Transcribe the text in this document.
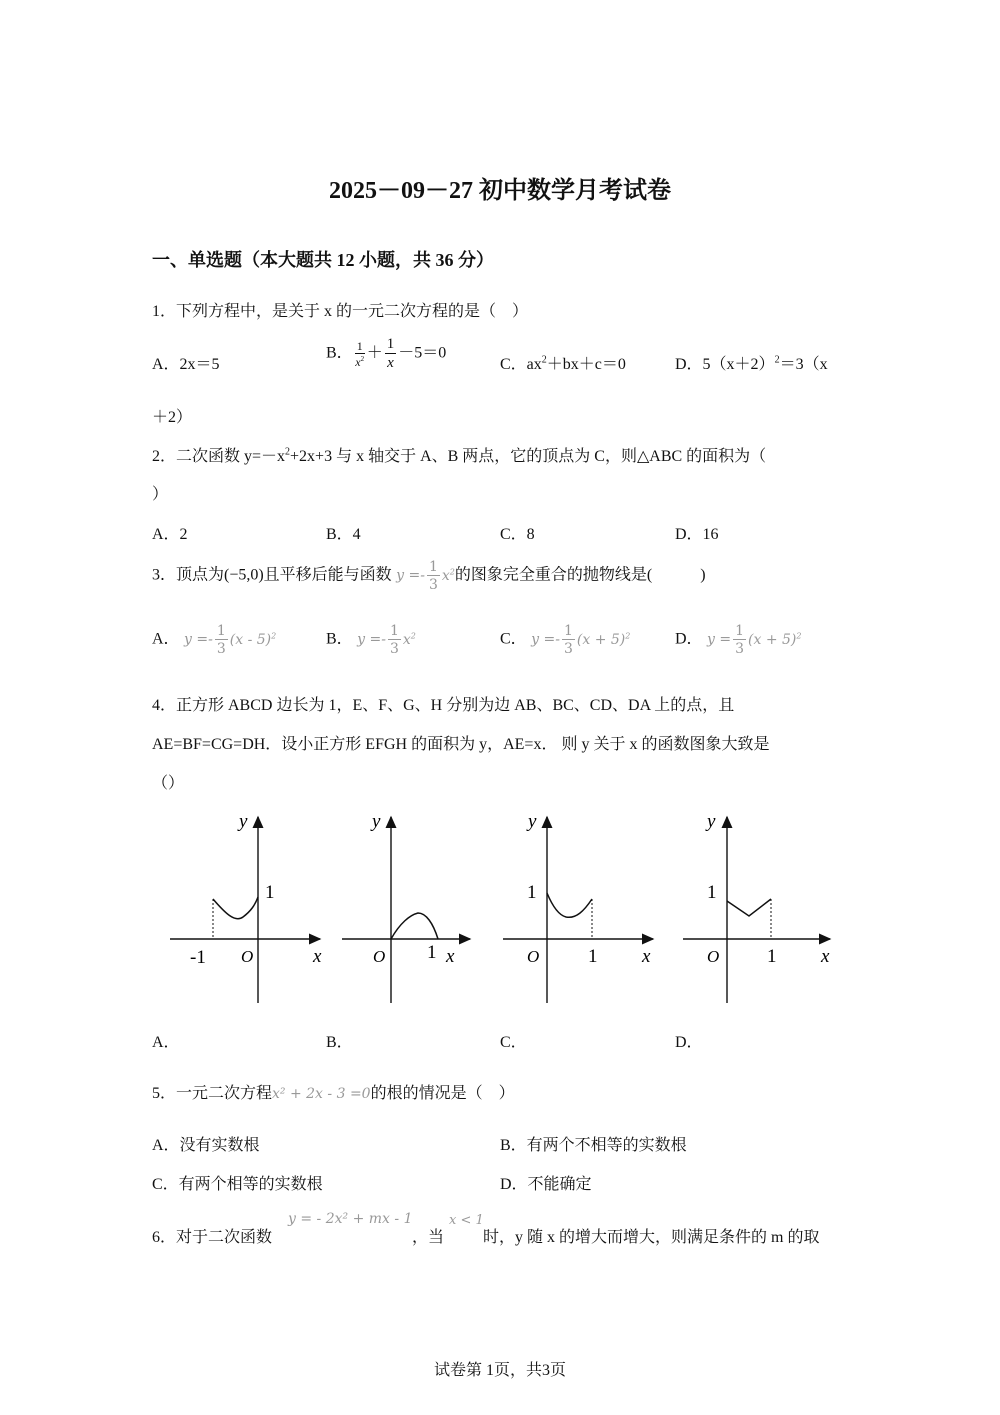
2025－09－27 初中数学月考试卷
一、单选题（本大题共 12 小题，共 36 分）
1．下列方程中，是关于 x 的一元二次方程的是（　）
A．2x＝5
B． $\frac{1}{x^2} + \frac{1}{x} -5=0$
C．$ax^2+bx+c=0$	D．$5(x+2)^2=3(x$
＋2）
2．二次函数 $y=-x^2+2x+3$ 与 x 轴交于 A、B 两点，它的顶点为 C，则△ABC 的面积为（
）
A．2	B．4	C．8	D．16
3．顶点为(−5,0)且平移后能与函数 $y =- \frac{1}{3} x^2$的图象完全重合的抛物线是(　　　)
A． $y =- \frac{1}{3} (x - 5)^2$	B． $y =- \frac{1}{3} x^2$	C． $y =- \frac{1}{3} (x + 5)^2$	D． $y = \frac{1}{3} (x + 5)^2$
4．正方形 ABCD 边长为 1，E、F、G、H 分别为边 AB、BC、CD、DA 上的点，且
AE=BF=CG=DH．设小正方形 EFGH 的面积为 y，AE=x． 则 y 关于 x 的函数图象大致是
（）
y
1
-1 O	x
y
O 1 x
y
1
O	1 x
y
1
O	1 x
A．	B．	C．	D．
5．一元二次方程x² + 2x - 3 =0的根的情况是（　）
A．没有实数根	B．有两个不相等的实数根
C．有两个相等的实数根	D．不能确定
6．对于二次函数
y = - 2x² + mx - 1
，当
x < 1
时，y 随 x 的增大而增大，则满足条件的 m 的取
试卷第 1页，共3页
